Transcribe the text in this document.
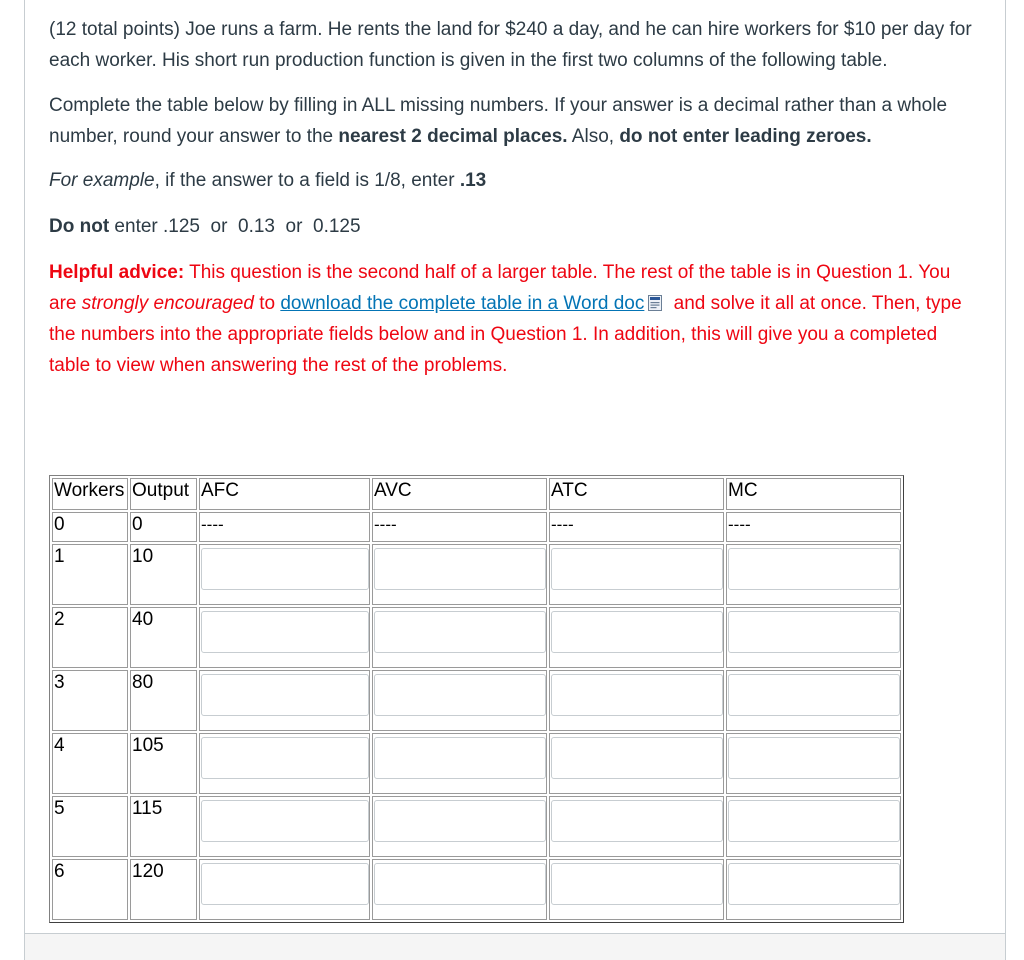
(12 total points) Joe runs a farm. He rents the land for $240 a day, and he can hire workers for $10 per day for each worker. His short run production function is given in the first two columns of the following table.

Complete the table below by filling in ALL missing numbers. If your answer is a decimal rather than a whole number, round your answer to the nearest 2 decimal places. Also, do not enter leading zeroes.

For example, if the answer to a field is 1/8, enter .13

Do not enter .125  or  0.13  or  0.125

Helpful advice: This question is the second half of a larger table. The rest of the table is in Question 1. You are strongly encouraged to download the complete table in a Word doc and solve it all at once. Then, type the numbers into the appropriate fields below and in Question 1. In addition, this will give you a completed table to view when answering the rest of the problems.

Workers	Output	AFC	AVC	ATC	MC
0	0	----	----	----	----
1	10	

2	40	

3	80	

4	105	

5	115	

6	120	
